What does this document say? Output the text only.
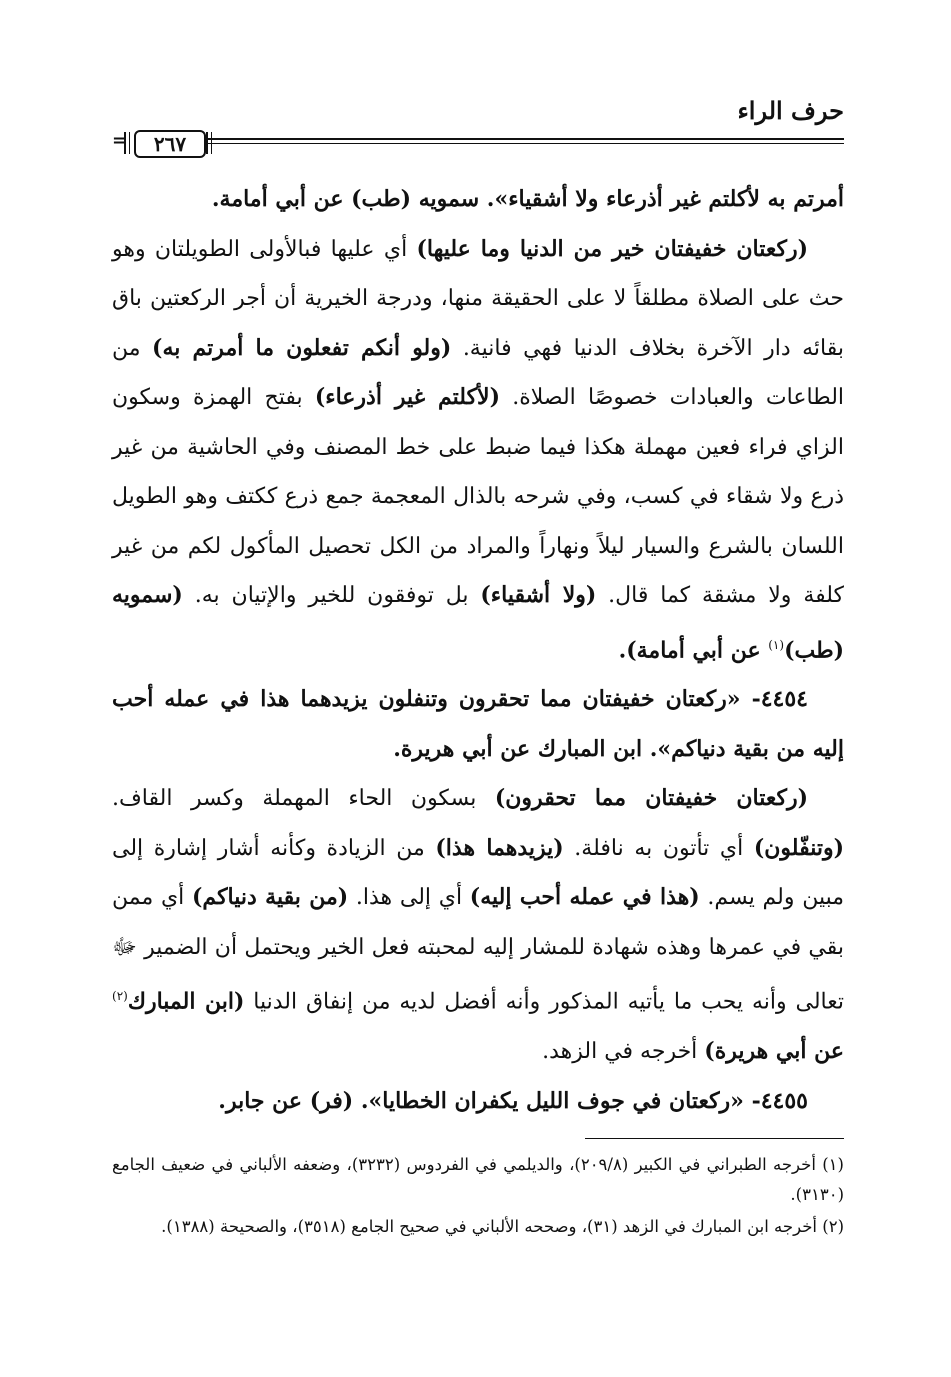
حرف الراء
=	٢٦٧

أمرتم به لأكلتم غير أذرعاء ولا أشقياء». سمويه (طب) عن أبي أمامة.

(ركعتان خفيفتان خير من الدنيا وما عليها) أي عليها فبالأولى الطويلتان وهو حث على الصلاة مطلقاً لا على الحقيقة منها، ودرجة الخيرية أن أجر الركعتين باق بقائه دار الآخرة بخلاف الدنيا فهي فانية. (ولو أنكم تفعلون ما أمرتم به) من الطاعات والعبادات خصوصًا الصلاة. (لأكلتم غير أذرعاء) بفتح الهمزة وسكون الزاي فراء فعين مهملة هكذا فيما ضبط على خط المصنف وفي الحاشية من غير ذرع ولا شقاء في كسب، وفي شرحه بالذال المعجمة جمع ذرع ككتف وهو الطويل اللسان بالشرع والسيار ليلاً ونهاراً والمراد من الكل تحصيل المأكول لكم من غير كلفة ولا مشقة كما قال. (ولا أشقياء) بل توفقون للخير والإتيان به. (سمويه (طب)$^{(١)}$ عن أبي أمامة).

٤٤٥٤- «ركعتان خفيفتان مما تحقرون وتنفلون يزيدهما هذا في عمله أحب إليه من بقية دنياكم». ابن المبارك عن أبي هريرة.

(ركعتان خفيفتان مما تحقرون) بسكون الحاء المهملة وكسر القاف. (وتنفّلون) أي تأتون به نافلة. (يزيدهما هذا) من الزيادة وكأنه أشار إشارة إلى مبين ولم يسم. (هذا في عمله أحب إليه) أي إلى هذا. (من بقية دنياكم) أي ممن بقي في عمرها وهذه شهادة للمشار إليه لمحبته فعل الخير ويحتمل أن الضمير ﷻ تعالى وأنه يحب ما يأتيه المذكور وأنه أفضل لديه من إنفاق الدنيا (ابن المبارك$^{(٢)}$ عن أبي هريرة) أخرجه في الزهد.

٤٤٥٥- «ركعتان في جوف الليل يكفران الخطايا». (فر) عن جابر.

(١) أخرجه الطبراني في الكبير (٢٠٩/٨)، والديلمي في الفردوس (٣٢٣٢)، وضعفه الألباني في ضعيف الجامع (٣١٣٠).

(٢) أخرجه ابن المبارك في الزهد (٣١)، وصححه الألباني في صحيح الجامع (٣٥١٨)، والصحيحة (١٣٨٨).
